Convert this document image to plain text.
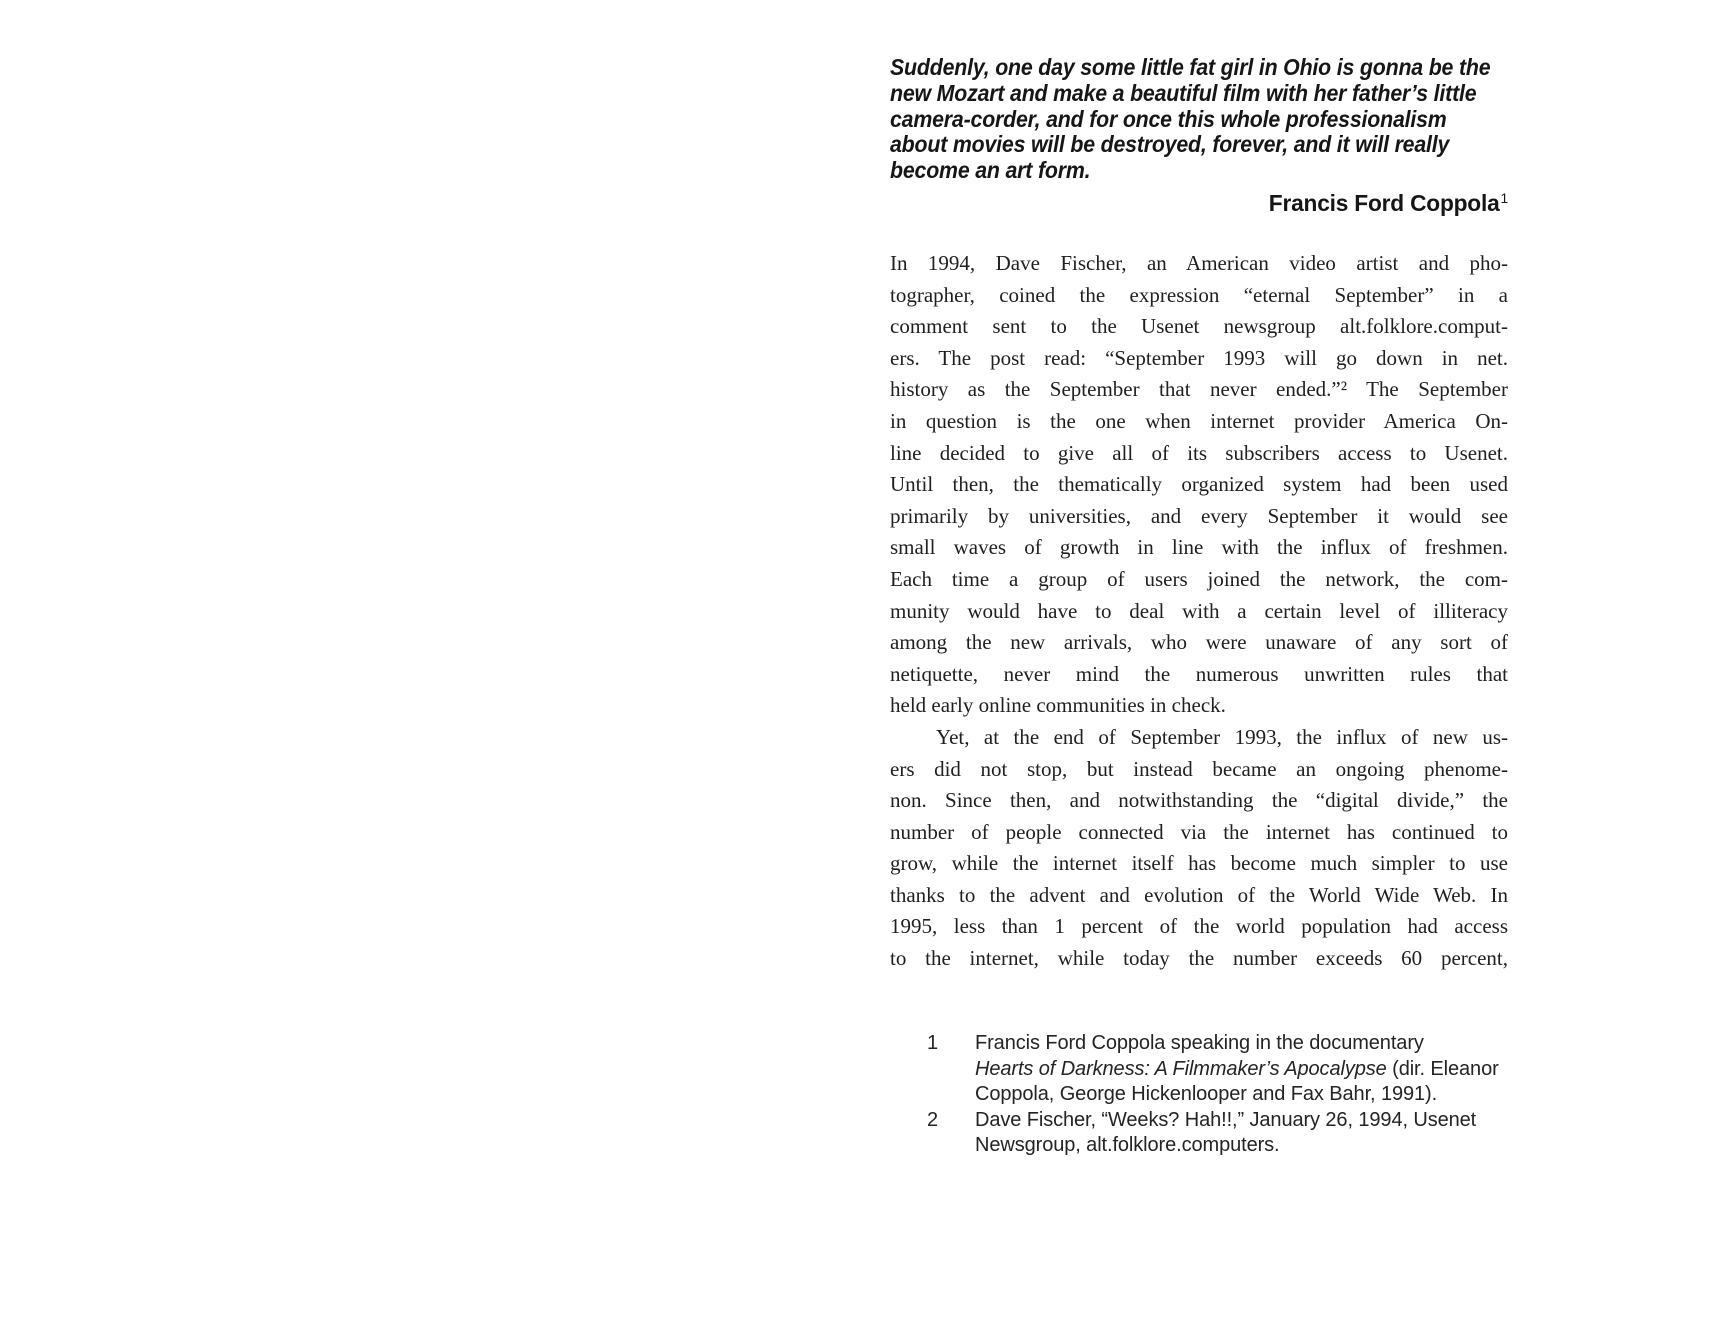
Suddenly, one day some little fat girl in Ohio is gonna be the
new Mozart and make a beautiful film with her father’s little
camera-corder, and for once this whole professionalism
about movies will be destroyed, forever, and it will really
become an art form.
Francis Ford Coppola$^1$
In 1994, Dave Fischer, an American video artist and pho-
tographer, coined the expression “eternal September” in a
comment sent to the Usenet newsgroup alt.folklore.comput-
ers. The post read: “September 1993 will go down in net.
history as the September that never ended.”² The September
in question is the one when internet provider America On-
line decided to give all of its subscribers access to Usenet.
Until then, the thematically organized system had been used
primarily by universities, and every September it would see
small waves of growth in line with the influx of freshmen.
Each time a group of users joined the network, the com-
munity would have to deal with a certain level of illiteracy
among the new arrivals, who were unaware of any sort of
netiquette, never mind the numerous unwritten rules that
held early online communities in check.
Yet, at the end of September 1993, the influx of new us-
ers did not stop, but instead became an ongoing phenome-
non. Since then, and notwithstanding the “digital divide,” the
number of people connected via the internet has continued to
grow, while the internet itself has become much simpler to use
thanks to the advent and evolution of the World Wide Web. In
1995, less than 1 percent of the world population had access
to the internet, while today the number exceeds 60 percent,
1	Francis Ford Coppola speaking in the documentary
Hearts of Darkness: A Filmmaker’s Apocalypse (dir. Eleanor
Coppola, George Hickenlooper and Fax Bahr, 1991).
2	Dave Fischer, “Weeks? Hah!!,” January 26, 1994, Usenet
Newsgroup, alt.folklore.computers.
